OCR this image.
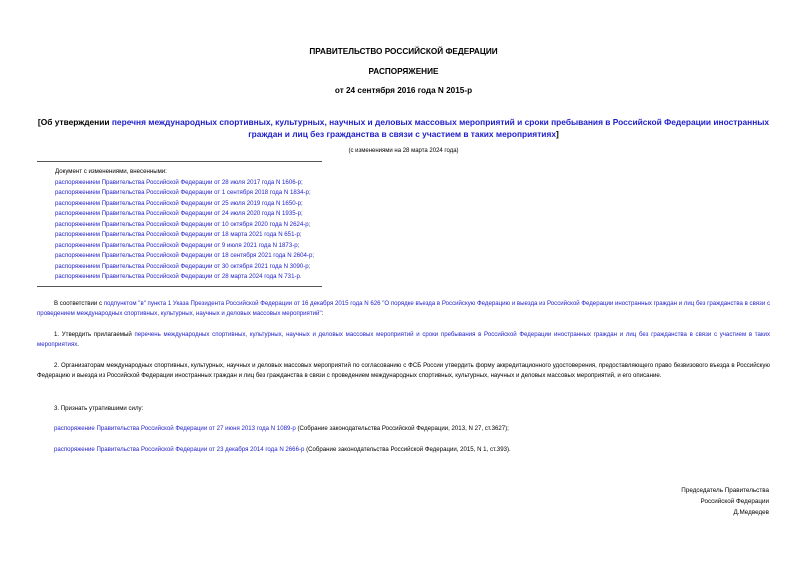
ПРАВИТЕЛЬСТВО РОССИЙСКОЙ ФЕДЕРАЦИИ
РАСПОРЯЖЕНИЕ
от 24 сентября 2016 года N 2015-р
[Об утверждении перечня международных спортивных, культурных, научных и деловых массовых мероприятий и сроки пребывания в Российской Федерации иностранных граждан и лиц без гражданства в связи с участием в таких мероприятиях]
(с изменениями на 28 марта 2024 года)
Документ с изменениями, внесенными:
распоряжением Правительства Российской Федерации от 28 июля 2017 года N 1606-р;
распоряжением Правительства Российской Федерации от 1 сентября 2018 года N 1834-р;
распоряжением Правительства Российской Федерации от 25 июля 2019 года N 1650-р;
распоряжением Правительства Российской Федерации от 24 июля 2020 года N 1935-р;
распоряжением Правительства Российской Федерации от 10 октября 2020 года N 2624-р;
распоряжением Правительства Российской Федерации от 18 марта 2021 года N 651-р;
распоряжением Правительства Российской Федерации от 9 июля 2021 года N 1873-р;
распоряжением Правительства Российской Федерации от 18 сентября 2021 года N 2604-р;
распоряжением Правительства Российской Федерации от 30 октября 2021 года N 3090-р;
распоряжением Правительства Российской Федерации от 28 марта 2024 года N 731-р.
В соответствии с подпунктом "в" пункта 1 Указа Президента Российской Федерации от 16 декабря 2015 года N 626 "О порядке въезда в Российскую Федерацию и выезда из Российской Федерации иностранных граждан и лиц без гражданства в связи с проведением международных спортивных, культурных, научных и деловых массовых мероприятий":
1. Утвердить прилагаемый перечень международных спортивных, культурных, научных и деловых массовых мероприятий и сроки пребывания в Российской Федерации иностранных граждан и лиц без гражданства в связи с участием в таких мероприятиях.
2. Организаторам международных спортивных, культурных, научных и деловых массовых мероприятий по согласованию с ФСБ России утвердить форму аккредитационного удостоверения, предоставляющего право безвизового въезда в Российскую Федерацию и выезда из Российской Федерации иностранных граждан и лиц без гражданства в связи с проведением международных спортивных, культурных, научных и деловых массовых мероприятий, и его описание.
3. Признать утратившими силу:
распоряжение Правительства Российской Федерации от 27 июня 2013 года N 1089-р (Собрание законодательства Российской Федерации, 2013, N 27, ст.3627);
распоряжение Правительства Российской Федерации от 23 декабря 2014 года N 2666-р (Собрание законодательства Российской Федерации, 2015, N 1, ст.393).
Председатель Правительства
Российской Федерации
Д.Медведев
